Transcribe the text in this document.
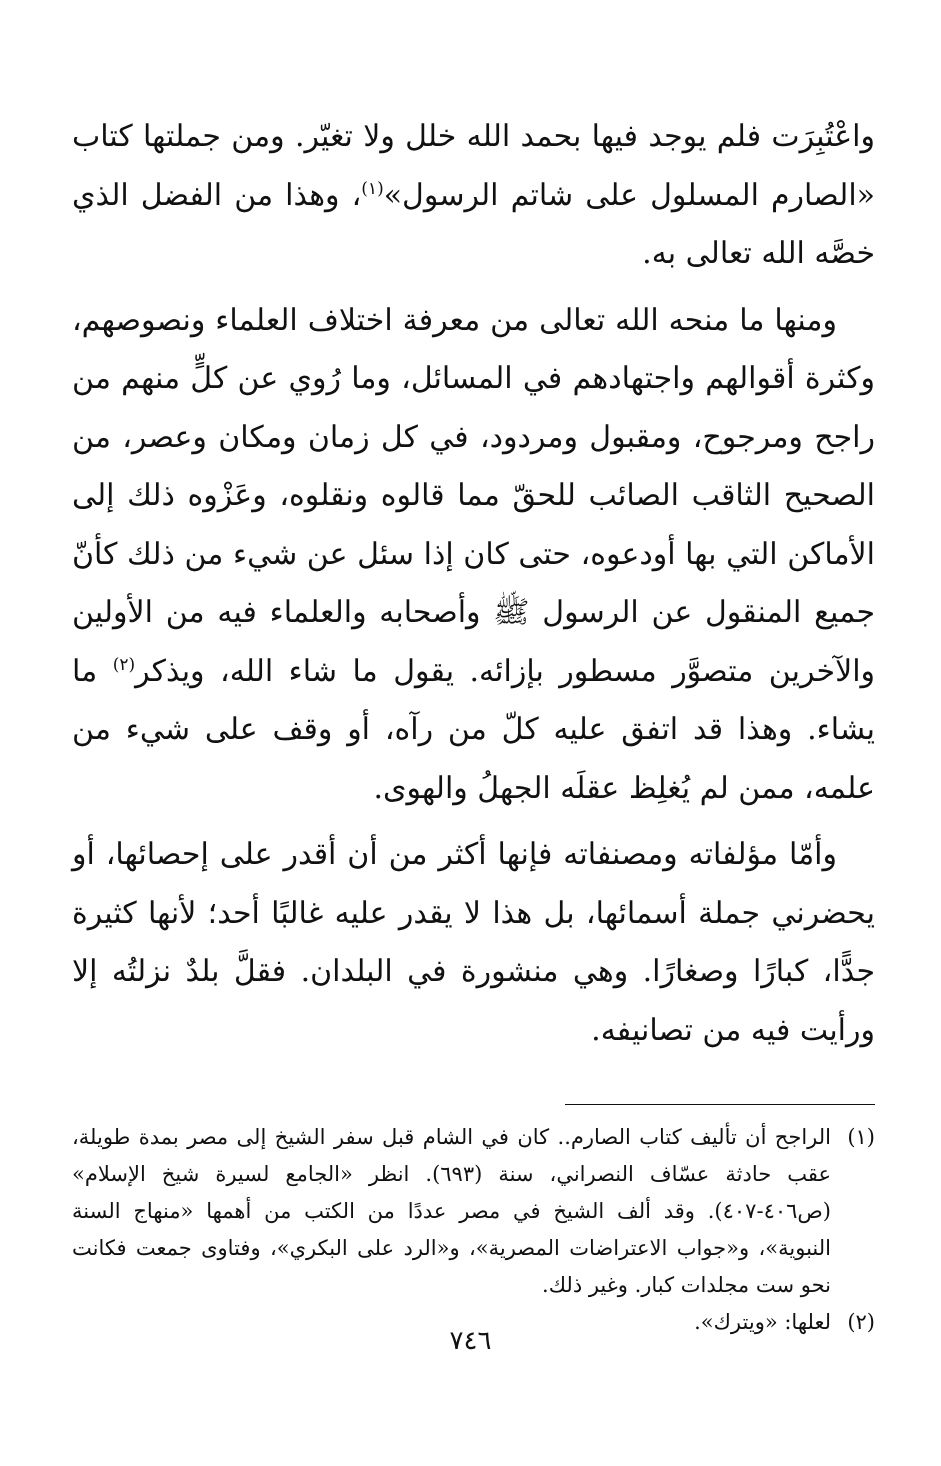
واعْتُبِرَت فلم يوجد فيها بحمد الله خلل ولا تغيّر. ومن جملتها كتاب «الصارم المسلول على شاتم الرسول»$^{(١)}$، وهذا من الفضل الذي خصَّه الله تعالى به.

ومنها ما منحه الله تعالى من معرفة اختلاف العلماء ونصوصهم، وكثرة أقوالهم واجتهادهم في المسائل، وما رُوي عن كلٍّ منهم من راجح ومرجوح، ومقبول ومردود، في كل زمان ومكان وعصر، من الصحيح الثاقب الصائب للحقّ مما قالوه ونقلوه، وعَزْوه ذلك إلى الأماكن التي بها أودعوه، حتى كان إذا سئل عن شيء من ذلك كأنّ جميع المنقول عن الرسول ﷺ وأصحابه والعلماء فيه من الأولين والآخرين متصوَّر مسطور بإزائه. يقول ما شاء الله، ويذكر$^{(٢)}$ ما يشاء. وهذا قد اتفق عليه كلّ من رآه، أو وقف على شيء من علمه، ممن لم يُغلِظ عقلَه الجهلُ والهوى.

وأمّا مؤلفاته ومصنفاته فإنها أكثر من أن أقدر على إحصائها، أو يحضرني جملة أسمائها، بل هذا لا يقدر عليه غالبًا أحد؛ لأنها كثيرة جدًّا، كبارًا وصغارًا. وهي منشورة في البلدان. فقلَّ بلدٌ نزلتُه إلا ورأيت فيه من تصانيفه.

(١)
الراجح أن تأليف كتاب الصارم.. كان في الشام قبل سفر الشيخ إلى مصر بمدة طويلة، عقب حادثة عسّاف النصراني، سنة (٦٩٣). انظر «الجامع لسيرة شيخ الإسلام» (ص٤٠٦-٤٠٧). وقد ألف الشيخ في مصر عددًا من الكتب من أهمها «منهاج السنة النبوية»، و«جواب الاعتراضات المصرية»، و«الرد على البكري»، وفتاوى جمعت فكانت نحو ست مجلدات كبار. وغير ذلك.
(٢)
لعلها: «ويترك».
٧٤٦
